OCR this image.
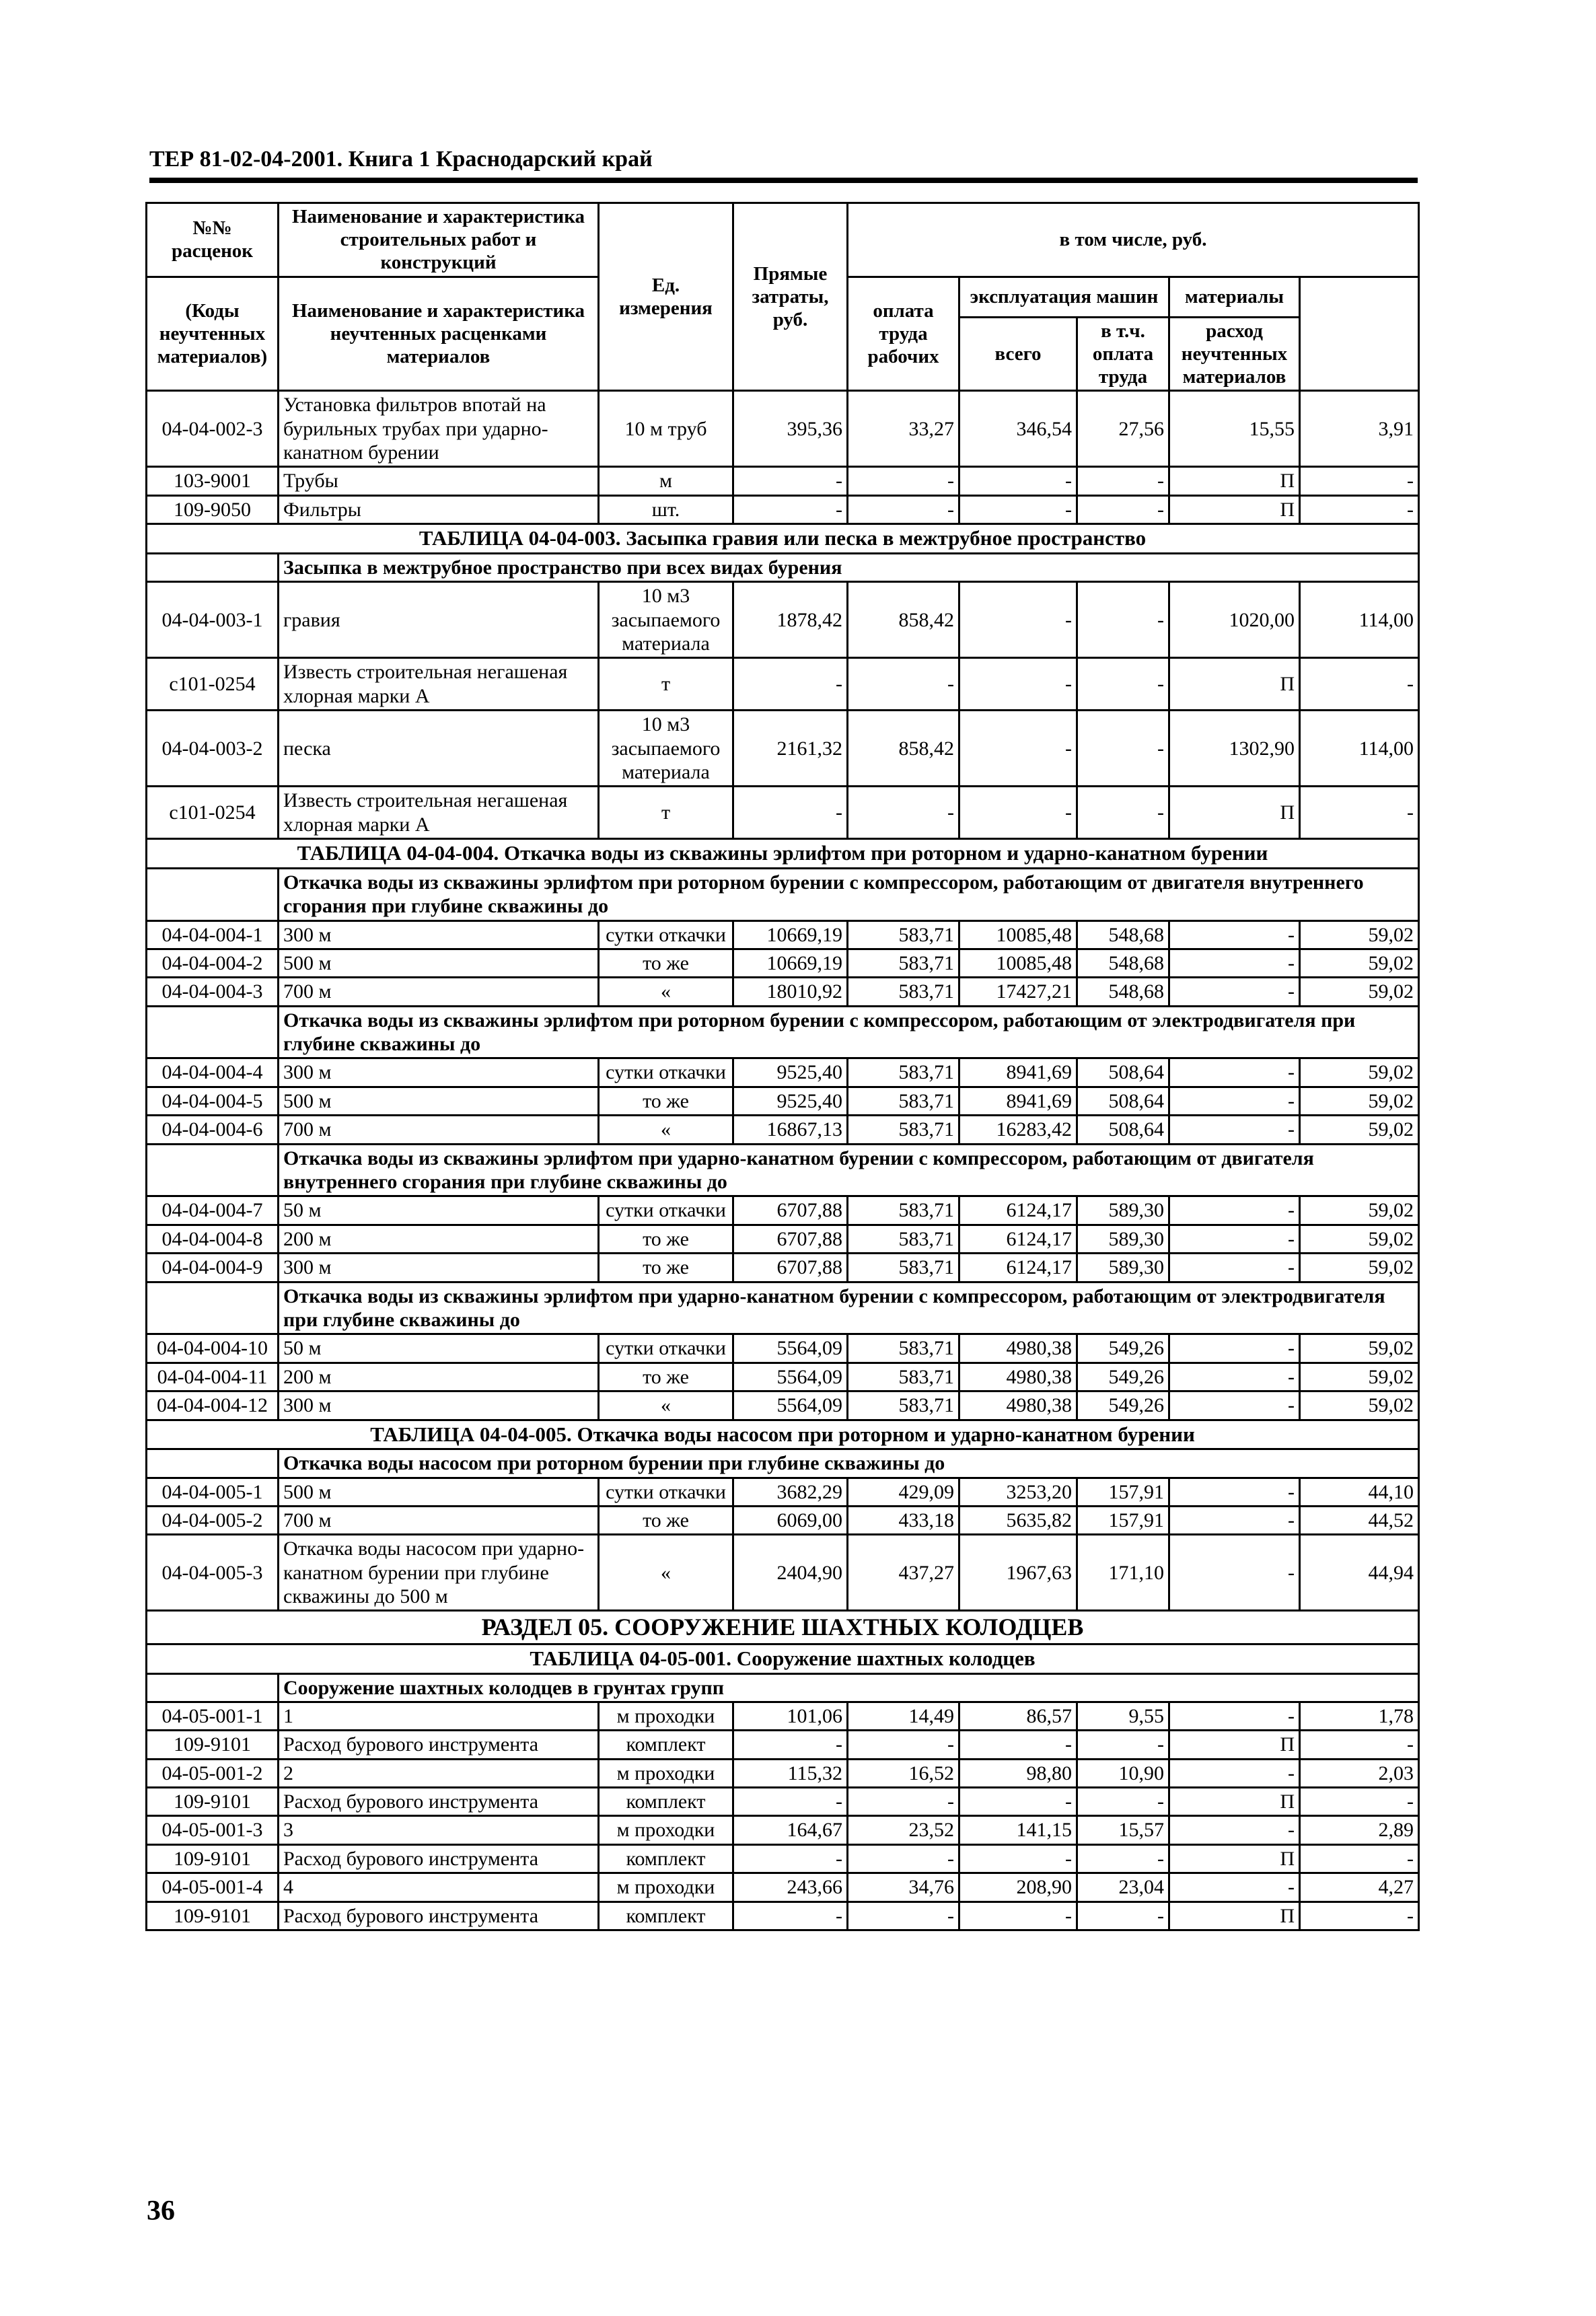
ТЕР 81-02-04-2001. Книга 1 Краснодарский край
№№ расценок	Наименование и характеристика строительных работ и конструкций	Ед. измерения	Прямые затраты, руб.	в том числе, руб.	
(Коды неучтенных материалов)	Наименование и характеристика неучтенных расценками материалов			оплата труда рабочих	эксплуатация машин		материалы		
					всего	в т.ч. оплата труда	расход неучтенных материалов		

04-04-002-3	Установка фильтров впотай на бурильных трубах при ударно-канатном бурении	10 м труб	395,36	33,27	346,54	27,56	15,55	3,91	
103-9001	Трубы	м	-	-	-	-	П	-	
109-9050	Фильтры	шт.	-	-	-	-	П	-	
ТАБЛИЦА 04-04-003. Засыпка гравия или песка в межтрубное пространство									
	Засыпка в межтрубное пространство при всех видах бурения								
04-04-003-1	гравия	10 м3 засыпаемого материала	1878,42	858,42	-	-	1020,00	114,00	
с101-0254	Известь строительная негашеная хлорная марки А	т	-	-	-	-	П	-	
04-04-003-2	песка	10 м3 засыпаемого материала	2161,32	858,42	-	-	1302,90	114,00	
с101-0254	Известь строительная негашеная хлорная марки А	т	-	-	-	-	П	-	
ТАБЛИЦА 04-04-004. Откачка воды из скважины эрлифтом при роторном и ударно-канатном бурении									
	Откачка воды из скважины эрлифтом при роторном бурении с компрессором, работающим от двигателя внутреннего сгорания при глубине скважины до								
04-04-004-1	300 м	сутки откачки	10669,19	583,71	10085,48	548,68	-	59,02	
04-04-004-2	500 м	то же	10669,19	583,71	10085,48	548,68	-	59,02	
04-04-004-3	700 м	«	18010,92	583,71	17427,21	548,68	-	59,02	
	Откачка воды из скважины эрлифтом при роторном бурении с компрессором, работающим от электродвигателя при глубине скважины до								
04-04-004-4	300 м	сутки откачки	9525,40	583,71	8941,69	508,64	-	59,02	
04-04-004-5	500 м	то же	9525,40	583,71	8941,69	508,64	-	59,02	
04-04-004-6	700 м	«	16867,13	583,71	16283,42	508,64	-	59,02	
	Откачка воды из скважины эрлифтом при ударно-канатном бурении с компрессором, работающим от двигателя внутреннего сгорания при глубине скважины до								
04-04-004-7	50 м	сутки откачки	6707,88	583,71	6124,17	589,30	-	59,02	
04-04-004-8	200 м	то же	6707,88	583,71	6124,17	589,30	-	59,02	
04-04-004-9	300 м	то же	6707,88	583,71	6124,17	589,30	-	59,02	
	Откачка воды из скважины эрлифтом при ударно-канатном бурении с компрессором, работающим от электродвигателя при глубине скважины до								
04-04-004-10	50 м	сутки откачки	5564,09	583,71	4980,38	549,26	-	59,02	
04-04-004-11	200 м	то же	5564,09	583,71	4980,38	549,26	-	59,02	
04-04-004-12	300 м	«	5564,09	583,71	4980,38	549,26	-	59,02	
ТАБЛИЦА 04-04-005. Откачка воды насосом при роторном и ударно-канатном бурении									
	Откачка воды насосом при роторном бурении при глубине скважины до								
04-04-005-1	500 м	сутки откачки	3682,29	429,09	3253,20	157,91	-	44,10	
04-04-005-2	700 м	то же	6069,00	433,18	5635,82	157,91	-	44,52	
04-04-005-3	Откачка воды насосом при ударно-канатном бурении при глубине скважины до 500 м	«	2404,90	437,27	1967,63	171,10	-	44,94	
РАЗДЕЛ 05. СООРУЖЕНИЕ ШАХТНЫХ КОЛОДЦЕВ									
ТАБЛИЦА 04-05-001. Сооружение шахтных колодцев									
	Сооружение шахтных колодцев в грунтах групп								
04-05-001-1	1	м проходки	101,06	14,49	86,57	9,55	-	1,78	
109-9101	Расход бурового инструмента	комплект	-	-	-	-	П	-	
04-05-001-2	2	м проходки	115,32	16,52	98,80	10,90	-	2,03	
109-9101	Расход бурового инструмента	комплект	-	-	-	-	П	-	
04-05-001-3	3	м проходки	164,67	23,52	141,15	15,57	-	2,89	
109-9101	Расход бурового инструмента	комплект	-	-	-	-	П	-	
04-05-001-4	4	м проходки	243,66	34,76	208,90	23,04	-	4,27	
109-9101	Расход бурового инструмента	комплект	-	-	-	-	П	-	
36
